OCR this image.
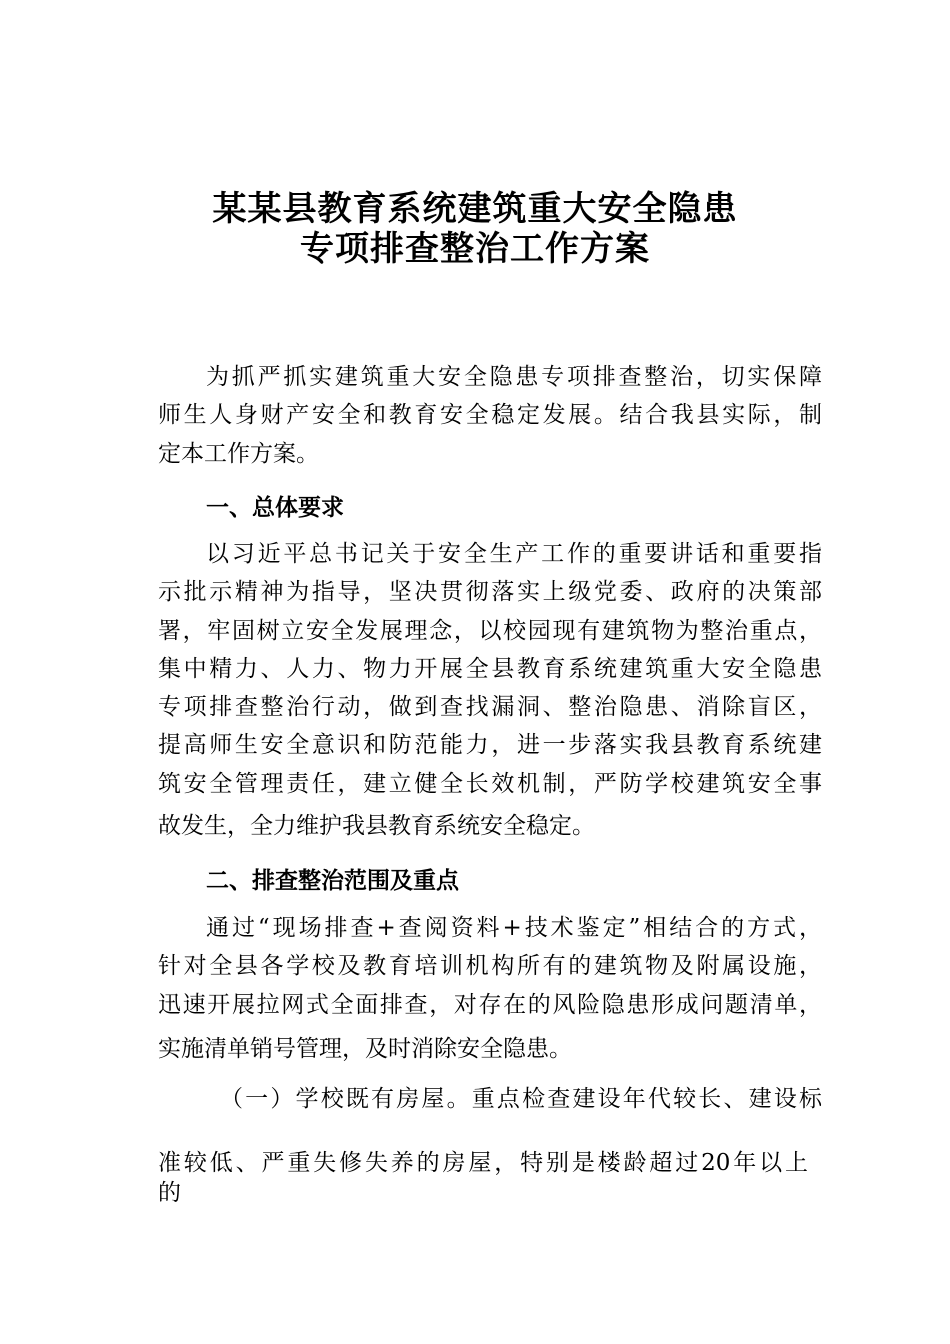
某某县教育系统建筑重大安全隐患
专项排查整治工作方案
为抓严抓实建筑重大安全隐患专项排查整治，切实保障
师生人身财产安全和教育安全稳定发展。结合我县实际，制
定本工作方案。
一、总体要求
以习近平总书记关于安全生产工作的重要讲话和重要指
示批示精神为指导，坚决贯彻落实上级党委、政府的决策部
署，牢固树立安全发展理念，以校园现有建筑物为整治重点，
集中精力、人力、物力开展全县教育系统建筑重大安全隐患
专项排查整治行动，做到查找漏洞、整治隐患、消除盲区，
提高师生安全意识和防范能力，进一步落实我县教育系统建
筑安全管理责任，建立健全长效机制，严防学校建筑安全事
故发生，全力维护我县教育系统安全稳定。
二、排查整治范围及重点
通过“现场排查+查阅资料+技术鉴定”相结合的方式，
针对全县各学校及教育培训机构所有的建筑物及附属设施，
迅速开展拉网式全面排查，对存在的风险隐患形成问题清单，
实施清单销号管理，及时消除安全隐患。
（一）学校既有房屋。重点检查建设年代较长、建设标
准较低、严重失修失养的房屋，特别是楼龄超过20年以上
的
